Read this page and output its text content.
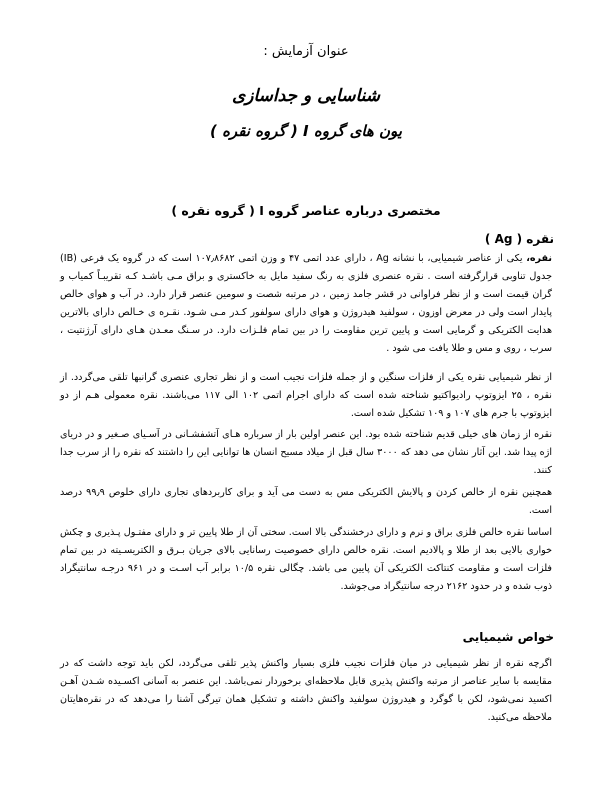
عنوان آزمایش :
شناسایی و جداسازی
یون های گروه I ( گروه نقره )
مختصری درباره عناصر گروه I ( گروه نقره )
نقره ( Ag )
نقره، یکی از عناصر شیمیایی، با نشانه Ag ، دارای عدد اتمی ۴۷ و وزن اتمی ۱۰۷٫۸۶۸۲ است که در گروه یک فرعی (IB) جدول تناوبی قرارگرفته است . نقره عنصری فلزی به رنگ سفید مایل به خاکستری و براق مـی باشـد کـه تقریبـاً کمیاب و گران قیمت است و از نظر فراوانی در قشر جامد زمین ، در مرتبه شصت و سومین عنصر قرار دارد. در آب و هوای خالص پایدار است ولی در معرض اوزون ، سولفید هیدروژن و هوای دارای سولفور کـدر مـی شـود. نقـره ی خـالص دارای بالاترین هدایت الکتریکی و گرمایی است و پایین ترین مقاومت را در بین تمام فلـزات دارد. در سـنگ معـدن هـای دارای آرژنتیت ، سرب ، روی و مس و طلا یافت می شود .
از نظر شیمیایی نقره یکی از فلزات سنگین و از جمله فلزات نجیب است و از نظر تجاری عنصری گرانبها تلقی می‌گردد. از نقره ، ۲۵ ایزوتوپ رادیواکتیو شناخته شده است که دارای اجرام اتمی ۱۰۲ الی ۱۱۷ می‌باشند. نقره معمولی هـم از دو ایزوتوپ با جرم های ۱۰۷ و ۱۰۹ تشکیل شده است.
نقره از زمان های خیلی قدیم شناخته شده بود. این عنصر اولین بار از سرباره هـای آتشفشـانی در آسـیای صـغیر و در دریای اژه پیدا شد. این آثار نشان می دهد که ۳۰۰۰ سال قبل از میلاد مسیح انسان ها توانایی این را داشتند که نقره را از سرب جدا کنند.
همچنین نقره از خالص کردن و پالایش الکتریکی مس به دست می آید و برای کاربردهای تجاری دارای خلوص ۹۹٫۹ درصد است.
اساسا نقره خالص فلزی براق و نرم و دارای درخشندگی بالا است. سختی آن از طلا پایین تر و دارای مفتـول پـذیری و چکش خواری بالایی بعد از طلا و پالادیم است. نقره خالص دارای خصوصیت رسانایی بالای جریان بـرق و الکتریسـیته در بین تمام فلزات است و مقاومت کنتاکت الکتریکی آن پایین می باشد. چگالی نقره ۱۰/۵ برابر آب اسـت و در ۹۶۱ درجـه سانتیگراد ذوب شده و در حدود ۲۱۶۲ درجه سانتیگراد می‌جوشد.
خواص شیمیایی
اگرچه نقره از نظر شیمیایی در میان فلزات نجیب فلزی بسیار واکنش پذیر تلقی می‌گردد، لکن باید توجه داشت که در مقایسه با سایر عناصر از مرتبه واکنش پذیری قابل ملاحظه‌ای برخوردار نمی‌باشد. این عنصر به آسانی اکسـیده شـدن آهـن اکسید نمی‌شود، لکن با گوگرد و هیدروژن سولفید واکنش داشته و تشکیل همان تیرگی آشنا را می‌دهد که در نقره‌هایتان ملاحظه می‌کنید.
